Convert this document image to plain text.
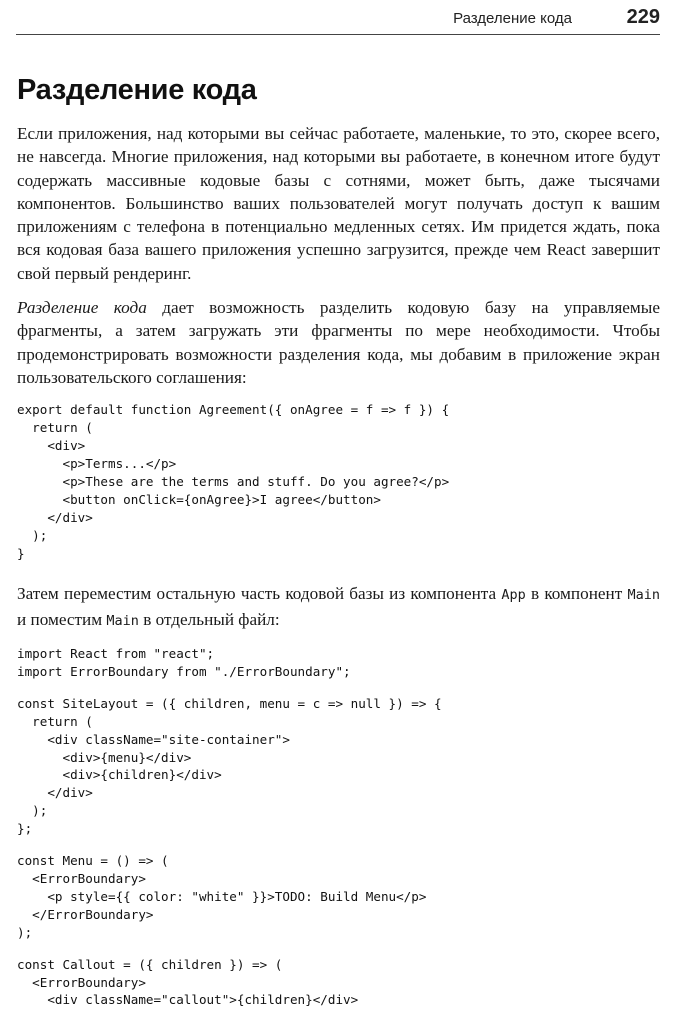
Разделение кода	229
Разделение кода

Если приложения, над которыми вы сейчас работаете, маленькие, то это, скорее всего, не навсегда. Многие приложения, над которыми вы работаете, в конечном итоге будут содержать массивные кодовые базы с сотнями, может быть, даже тысячами компонентов. Большинство ваших пользователей могут получать доступ к вашим приложениям с телефона в потенциально медленных сетях. Им придется ждать, пока вся кодовая база вашего приложения успешно загрузится, прежде чем React завершит свой первый рендеринг.

Разделение кода дает возможность разделить кодовую базу на управляемые фрагменты, а затем загружать эти фрагменты по мере необходимости. Чтобы продемонстрировать возможности разделения кода, мы добавим в приложение экран пользовательского соглашения:

export default function Agreement({ onAgree = f => f }) {
return (
<div>
<p>Terms...</p>
<p>These are the terms and stuff. Do you agree?</p>
<button onClick={onAgree}>I agree</button>
</div>
);
}

Затем переместим остальную часть кодовой базы из компонента App в компонент Main и поместим Main в отдельный файл:

import React from "react";
import ErrorBoundary from "./ErrorBoundary";
const SiteLayout = ({ children, menu = c => null }) => {
return (
<div className="site-container">
<div>{menu}</div>
<div>{children}</div>
</div>
);
};
const Menu = () => (
<ErrorBoundary>
<p style={{ color: "white" }}>TODO: Build Menu</p>
</ErrorBoundary>
);
const Callout = ({ children }) => (
<ErrorBoundary>
<div className="callout">{children}</div>
